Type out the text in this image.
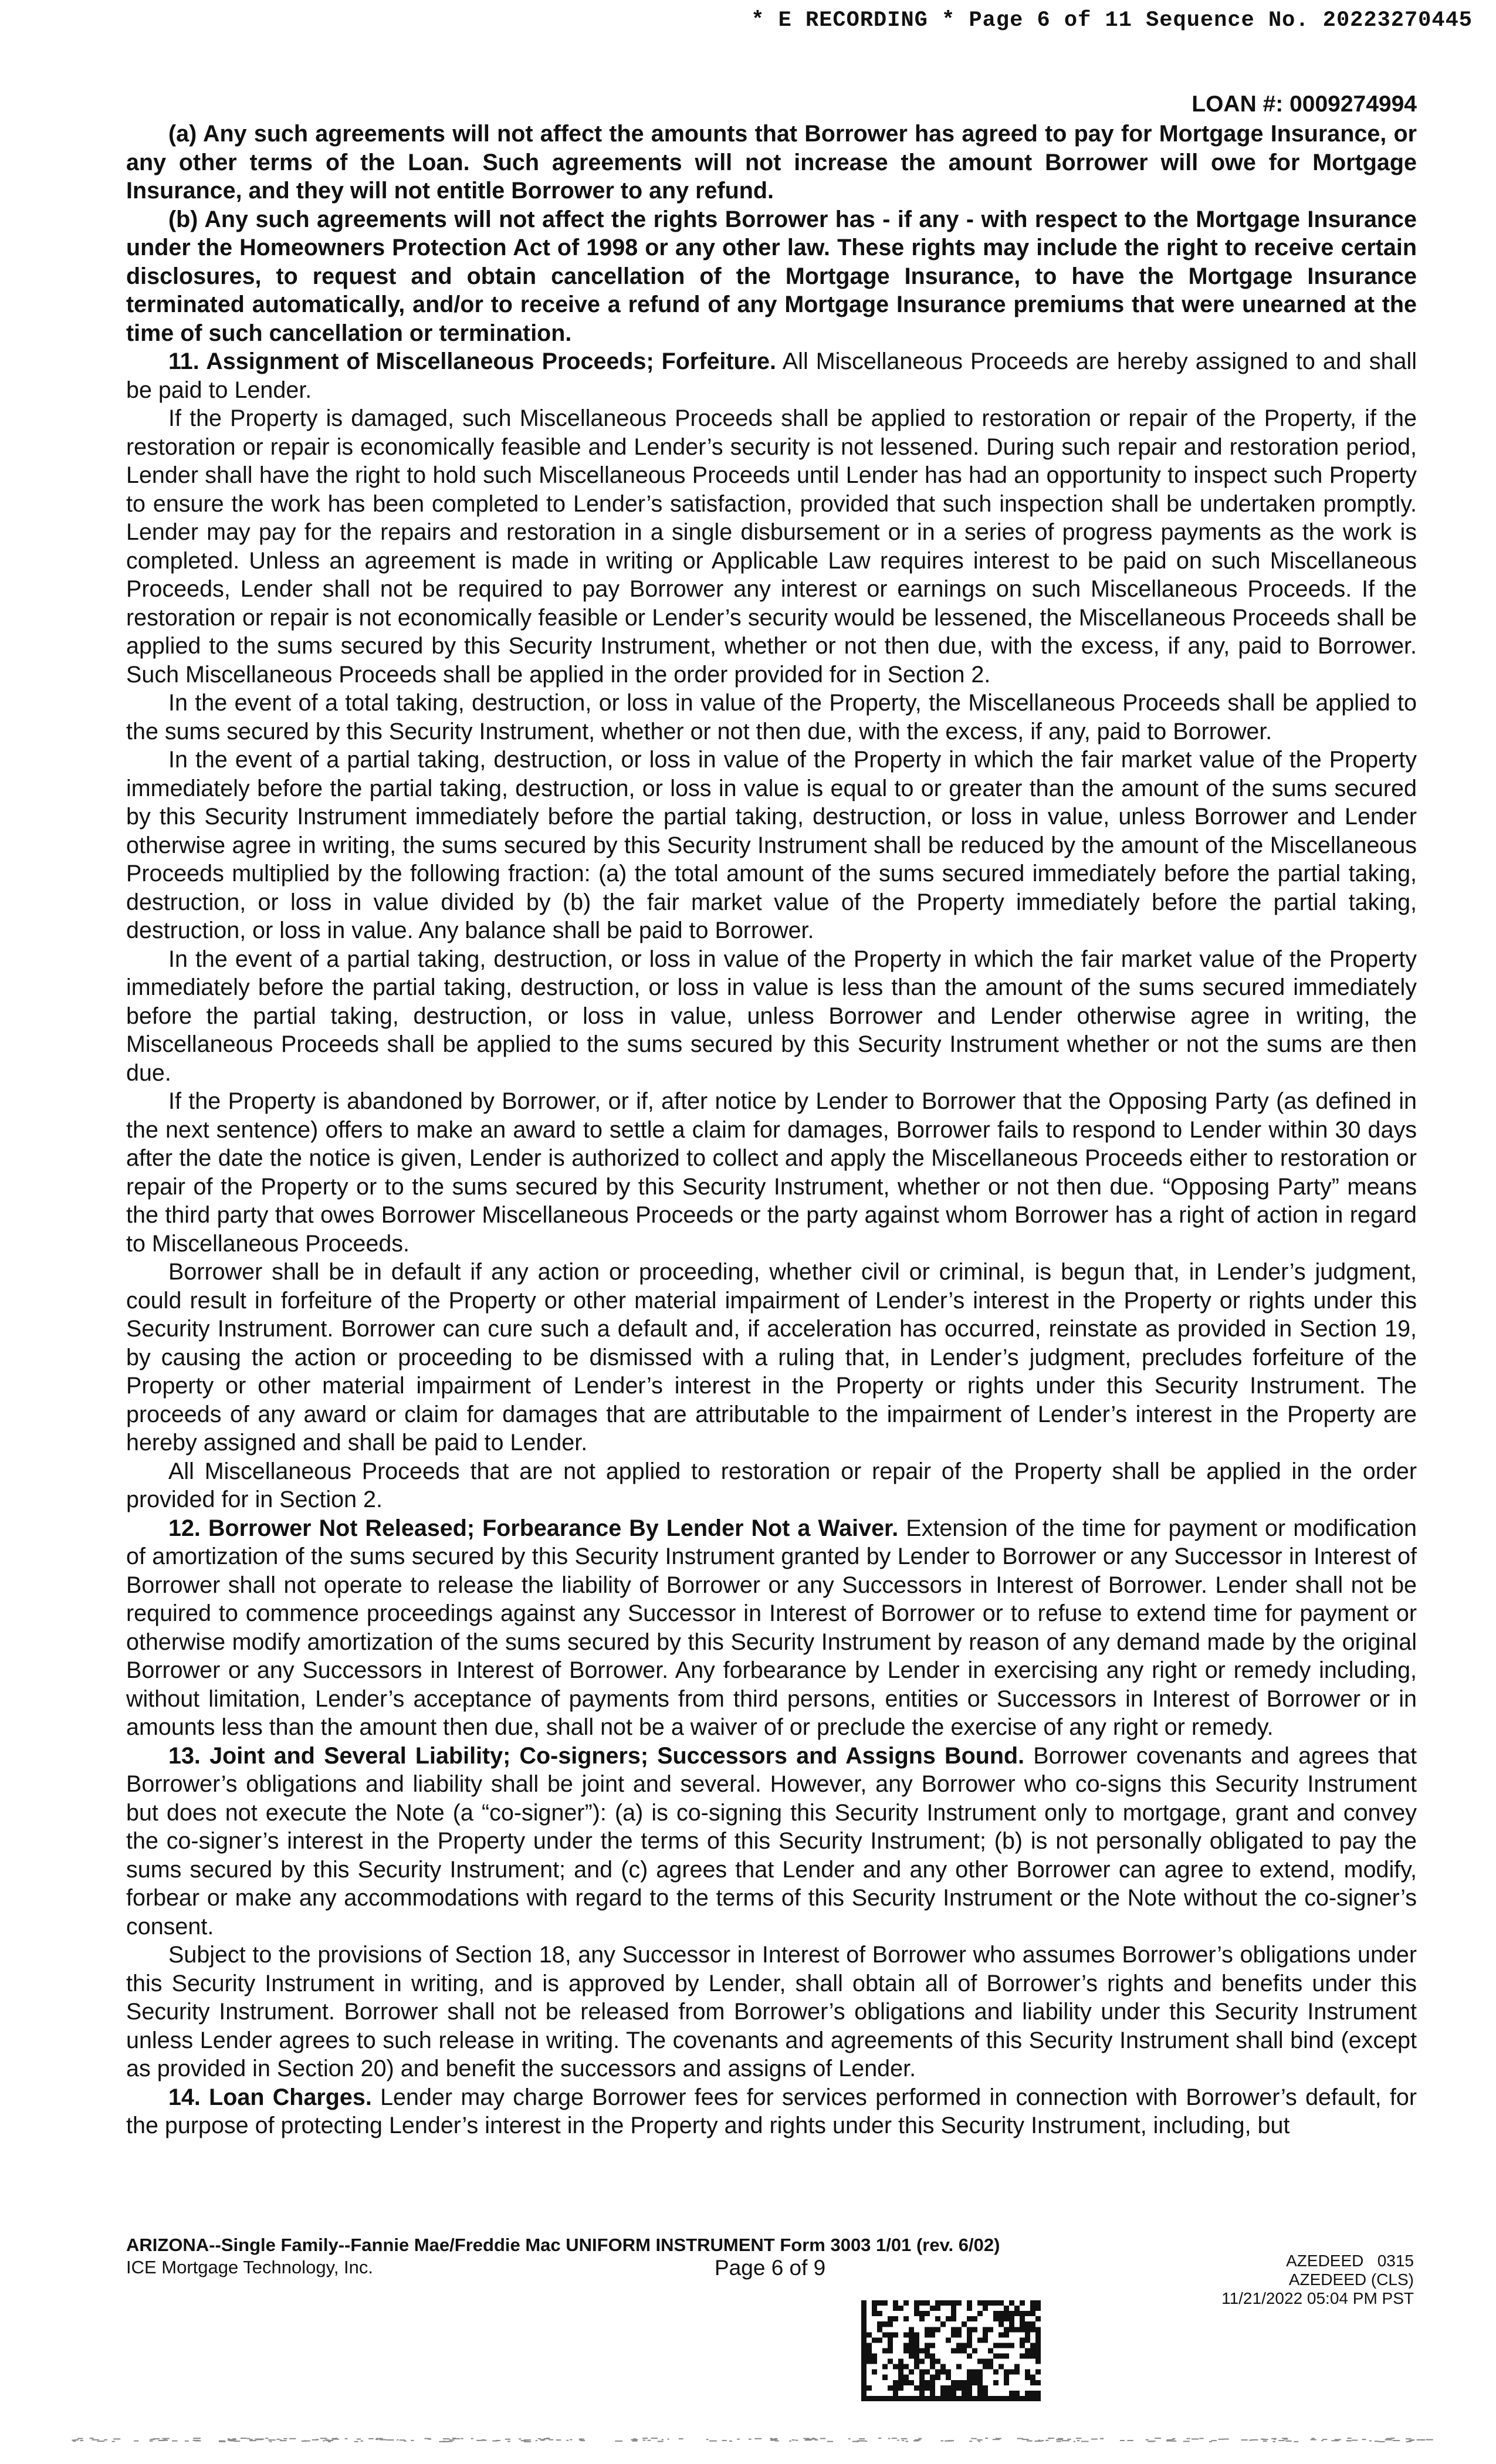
* E RECORDING * Page 6 of 11 Sequence No. 20223270445
LOAN #: 0009274994

(a) Any such agreements will not affect the amounts that Borrower has agreed to pay for Mortgage Insurance, or any other terms of the Loan. Such agreements will not increase the amount Borrower will owe for Mortgage Insurance, and they will not entitle Borrower to any refund.

(b) Any such agreements will not affect the rights Borrower has - if any - with respect to the Mortgage Insurance under the Homeowners Protection Act of 1998 or any other law. These rights may include the right to receive certain disclosures, to request and obtain cancellation of the Mortgage Insurance, to have the Mortgage Insurance terminated automatically, and/or to receive a refund of any Mortgage Insurance premiums that were unearned at the time of such cancellation or termination.

11. Assignment of Miscellaneous Proceeds; Forfeiture. All Miscellaneous Proceeds are hereby assigned to and shall be paid to Lender.

If the Property is damaged, such Miscellaneous Proceeds shall be applied to restoration or repair of the Property, if the restoration or repair is economically feasible and Lender’s security is not lessened. During such repair and restoration period, Lender shall have the right to hold such Miscellaneous Proceeds until Lender has had an opportunity to inspect such Property to ensure the work has been completed to Lender’s satisfaction, provided that such inspection shall be undertaken promptly. Lender may pay for the repairs and restoration in a single disbursement or in a series of progress payments as the work is completed. Unless an agreement is made in writing or Applicable Law requires interest to be paid on such Miscellaneous Proceeds, Lender shall not be required to pay Borrower any interest or earnings on such Miscellaneous Proceeds. If the restoration or repair is not economically feasible or Lender’s security would be lessened, the Miscellaneous Proceeds shall be applied to the sums secured by this Security Instrument, whether or not then due, with the excess, if any, paid to Borrower. Such Miscellaneous Proceeds shall be applied in the order provided for in Section 2.

In the event of a total taking, destruction, or loss in value of the Property, the Miscellaneous Proceeds shall be applied to the sums secured by this Security Instrument, whether or not then due, with the excess, if any, paid to Borrower.

In the event of a partial taking, destruction, or loss in value of the Property in which the fair market value of the Property immediately before the partial taking, destruction, or loss in value is equal to or greater than the amount of the sums secured by this Security Instrument immediately before the partial taking, destruction, or loss in value, unless Borrower and Lender otherwise agree in writing, the sums secured by this Security Instrument shall be reduced by the amount of the Miscellaneous Proceeds multiplied by the following fraction: (a) the total amount of the sums secured immediately before the partial taking, destruction, or loss in value divided by (b) the fair market value of the Property immediately before the partial taking, destruction, or loss in value. Any balance shall be paid to Borrower.

In the event of a partial taking, destruction, or loss in value of the Property in which the fair market value of the Property immediately before the partial taking, destruction, or loss in value is less than the amount of the sums secured immediately before the partial taking, destruction, or loss in value, unless Borrower and Lender otherwise agree in writing, the Miscellaneous Proceeds shall be applied to the sums secured by this Security Instrument whether or not the sums are then due.

If the Property is abandoned by Borrower, or if, after notice by Lender to Borrower that the Opposing Party (as defined in the next sentence) offers to make an award to settle a claim for damages, Borrower fails to respond to Lender within 30 days after the date the notice is given, Lender is authorized to collect and apply the Miscellaneous Proceeds either to restoration or repair of the Property or to the sums secured by this Security Instrument, whether or not then due. “Opposing Party” means the third party that owes Borrower Miscellaneous Proceeds or the party against whom Borrower has a right of action in regard to Miscellaneous Proceeds.

Borrower shall be in default if any action or proceeding, whether civil or criminal, is begun that, in Lender’s judgment, could result in forfeiture of the Property or other material impairment of Lender’s interest in the Property or rights under this Security Instrument. Borrower can cure such a default and, if acceleration has occurred, reinstate as provided in Section 19, by causing the action or proceeding to be dismissed with a ruling that, in Lender’s judgment, precludes forfeiture of the Property or other material impairment of Lender’s interest in the Property or rights under this Security Instrument. The proceeds of any award or claim for damages that are attributable to the impairment of Lender’s interest in the Property are hereby assigned and shall be paid to Lender.

All Miscellaneous Proceeds that are not applied to restoration or repair of the Property shall be applied in the order provided for in Section 2.

12. Borrower Not Released; Forbearance By Lender Not a Waiver. Extension of the time for payment or modification of amortization of the sums secured by this Security Instrument granted by Lender to Borrower or any Successor in Interest of Borrower shall not operate to release the liability of Borrower or any Successors in Interest of Borrower. Lender shall not be required to commence proceedings against any Successor in Interest of Borrower or to refuse to extend time for payment or otherwise modify amortization of the sums secured by this Security Instrument by reason of any demand made by the original Borrower or any Successors in Interest of Borrower. Any forbearance by Lender in exercising any right or remedy including, without limitation, Lender’s acceptance of payments from third persons, entities or Successors in Interest of Borrower or in amounts less than the amount then due, shall not be a waiver of or preclude the exercise of any right or remedy.

13. Joint and Several Liability; Co-signers; Successors and Assigns Bound. Borrower covenants and agrees that Borrower’s obligations and liability shall be joint and several. However, any Borrower who co-signs this Security Instrument but does not execute the Note (a “co-signer”): (a) is co-signing this Security Instrument only to mortgage, grant and convey the co-signer’s interest in the Property under the terms of this Security Instrument; (b) is not personally obligated to pay the sums secured by this Security Instrument; and (c) agrees that Lender and any other Borrower can agree to extend, modify, forbear or make any accommodations with regard to the terms of this Security Instrument or the Note without the co-signer’s consent.

Subject to the provisions of Section 18, any Successor in Interest of Borrower who assumes Borrower’s obligations under this Security Instrument in writing, and is approved by Lender, shall obtain all of Borrower’s rights and benefits under this Security Instrument. Borrower shall not be released from Borrower’s obligations and liability under this Security Instrument unless Lender agrees to such release in writing. The covenants and agreements of this Security Instrument shall bind (except as provided in Section 20) and benefit the successors and assigns of Lender.

14. Loan Charges. Lender may charge Borrower fees for services performed in connection with Borrower’s default, for the purpose of protecting Lender’s interest in the Property and rights under this Security Instrument, including, but

ARIZONA--Single Family--Fannie Mae/Freddie Mac UNIFORM INSTRUMENT Form 3003 1/01 (rev. 6/02)
ICE Mortgage Technology, Inc.	Page 6 of 9	AZEDEED   0315
AZEDEED (CLS)
11/21/2022 05:04 PM PST
